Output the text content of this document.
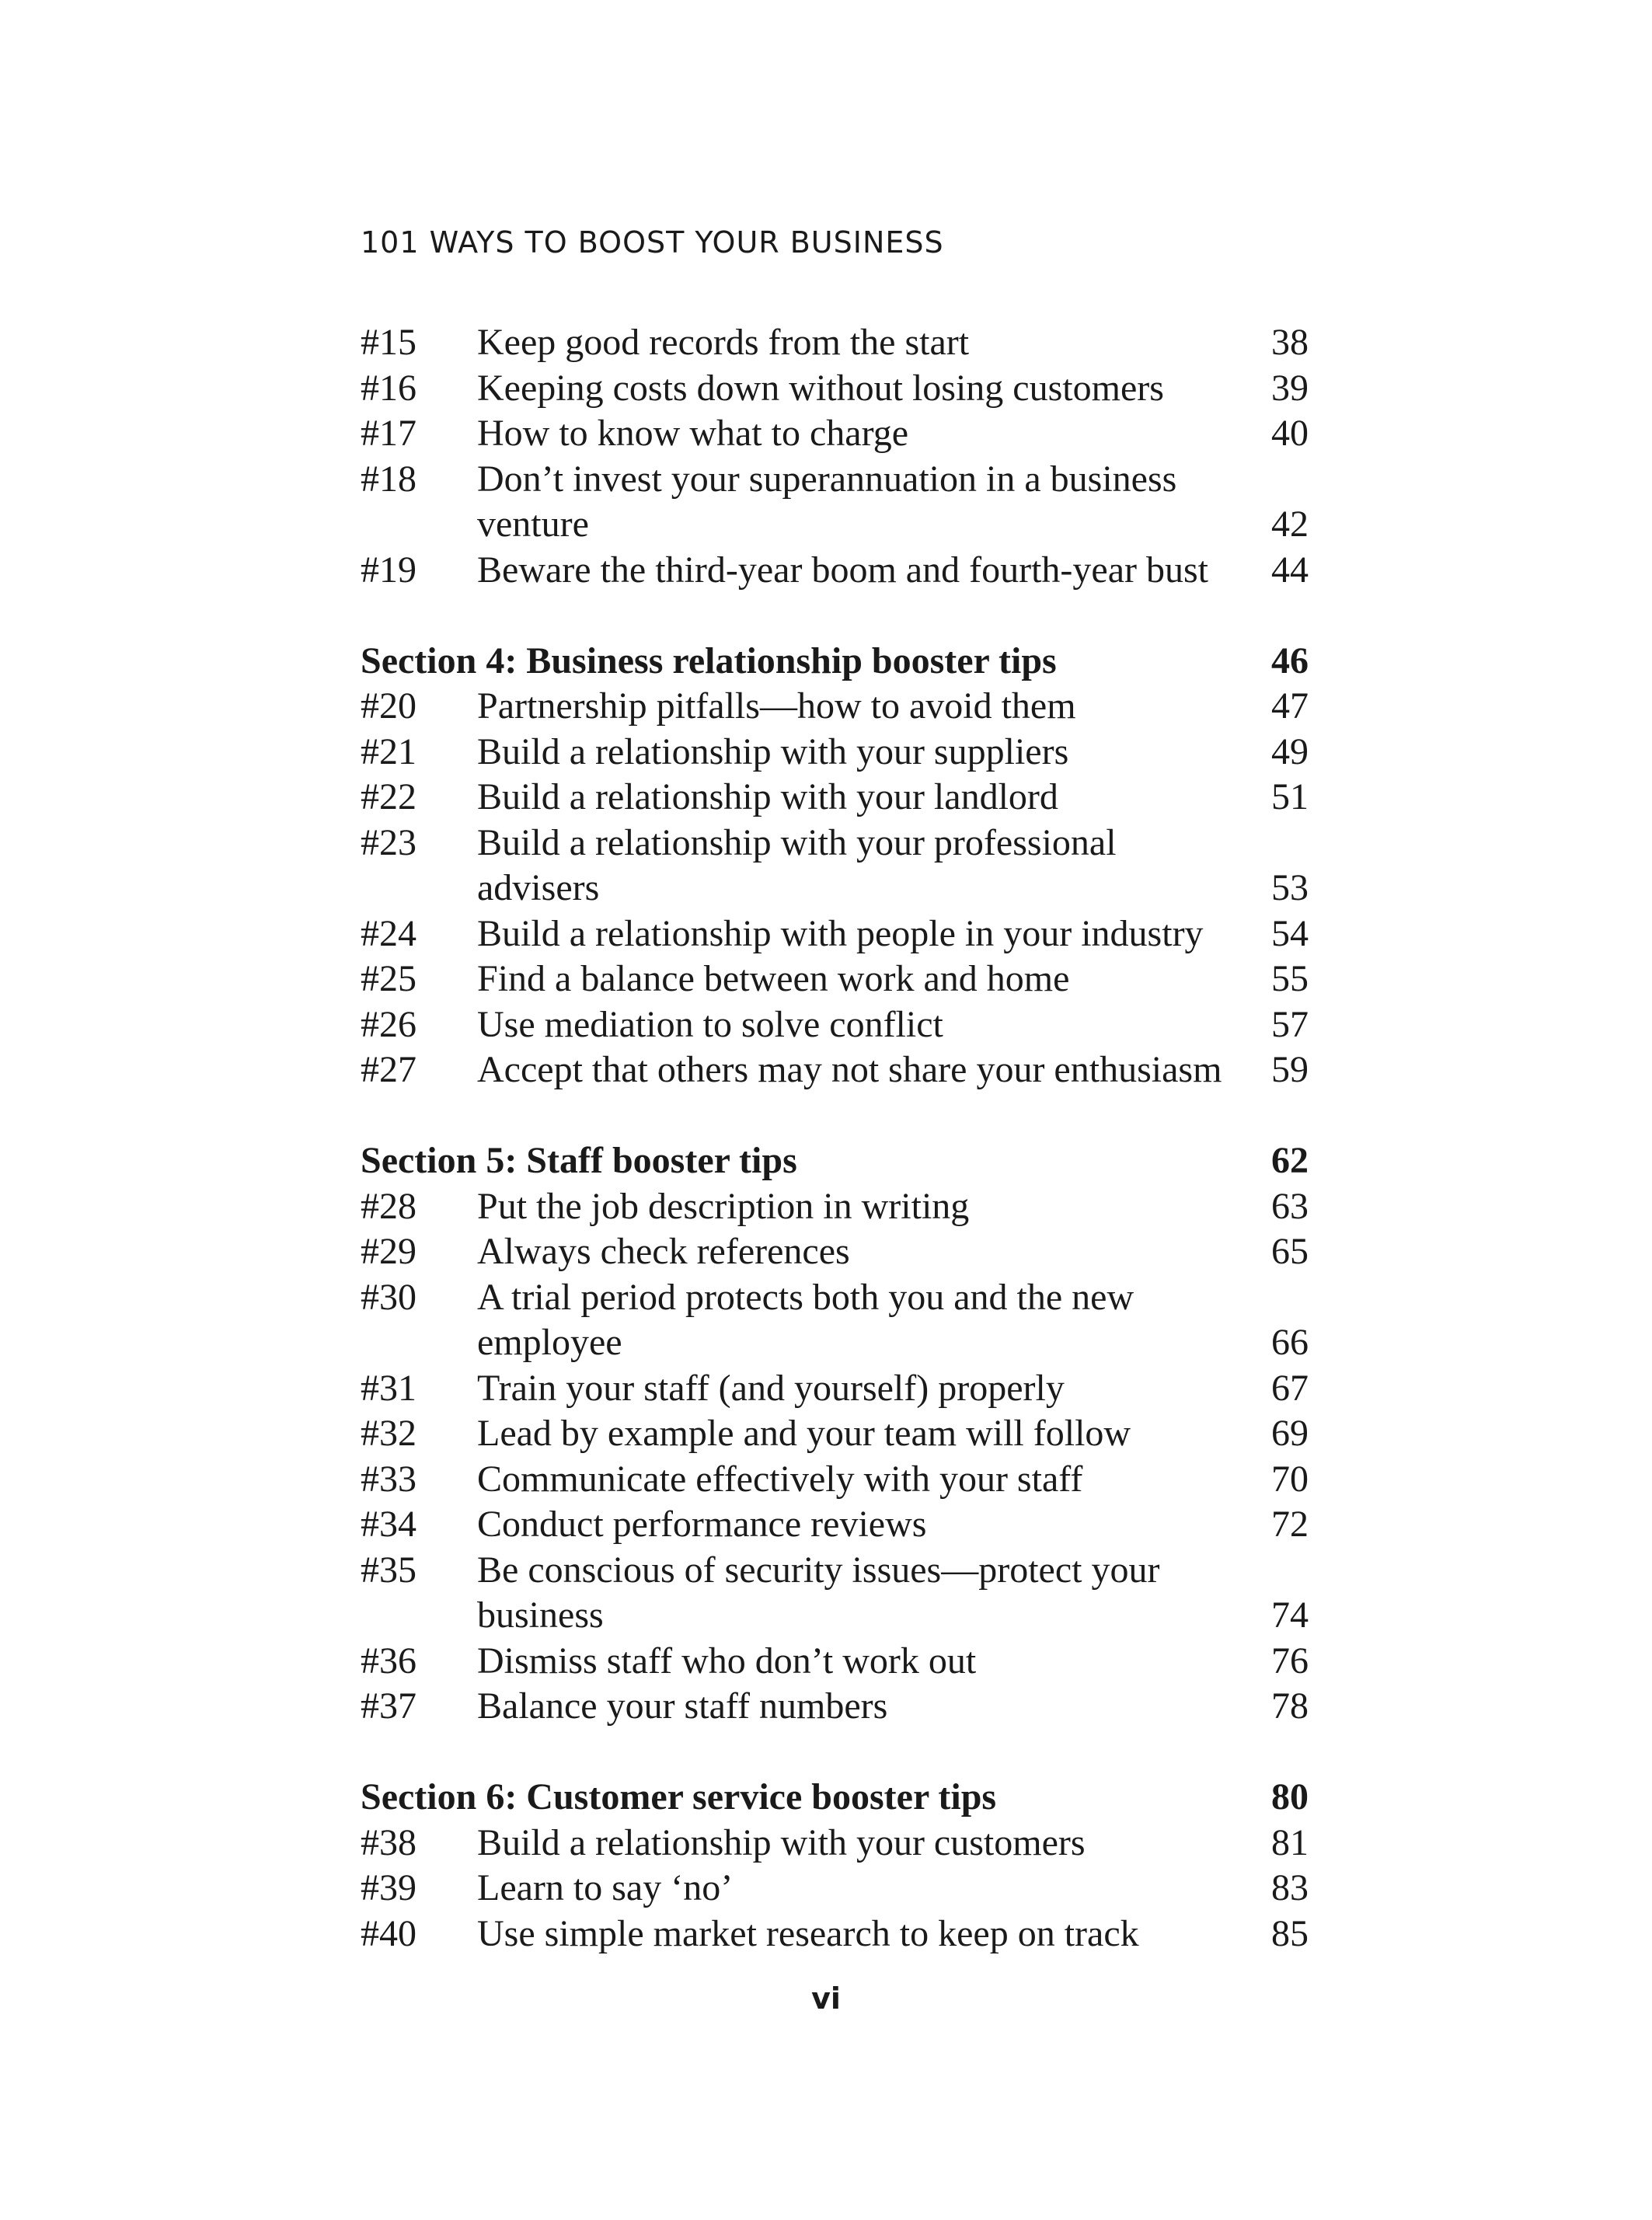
101 WAYS TO BOOST YOUR BUSINESS
#15	Keep good records from the start	38
#16	Keeping costs down without losing customers	39
#17	How to know what to charge	40
#18	Don’t invest your superannuation in a business
venture	42
#19	Beware the third-year boom and fourth-year bust	44
Section 4: Business relationship booster tips	46
#20	Partnership pitfalls—how to avoid them	47
#21	Build a relationship with your suppliers	49
#22	Build a relationship with your landlord	51
#23	Build a relationship with your professional
advisers	53
#24	Build a relationship with people in your industry	54
#25	Find a balance between work and home	55
#26	Use mediation to solve conflict	57
#27	Accept that others may not share your enthusiasm	59
Section 5: Staff booster tips	62
#28	Put the job description in writing	63
#29	Always check references	65
#30	A trial period protects both you and the new
employee	66
#31	Train your staff (and yourself) properly	67
#32	Lead by example and your team will follow	69
#33	Communicate effectively with your staff	70
#34	Conduct performance reviews	72
#35	Be conscious of security issues—protect your
business	74
#36	Dismiss staff who don’t work out	76
#37	Balance your staff numbers	78
Section 6: Customer service booster tips	80
#38	Build a relationship with your customers	81
#39	Learn to say ‘no’	83
#40	Use simple market research to keep on track	85
vi
